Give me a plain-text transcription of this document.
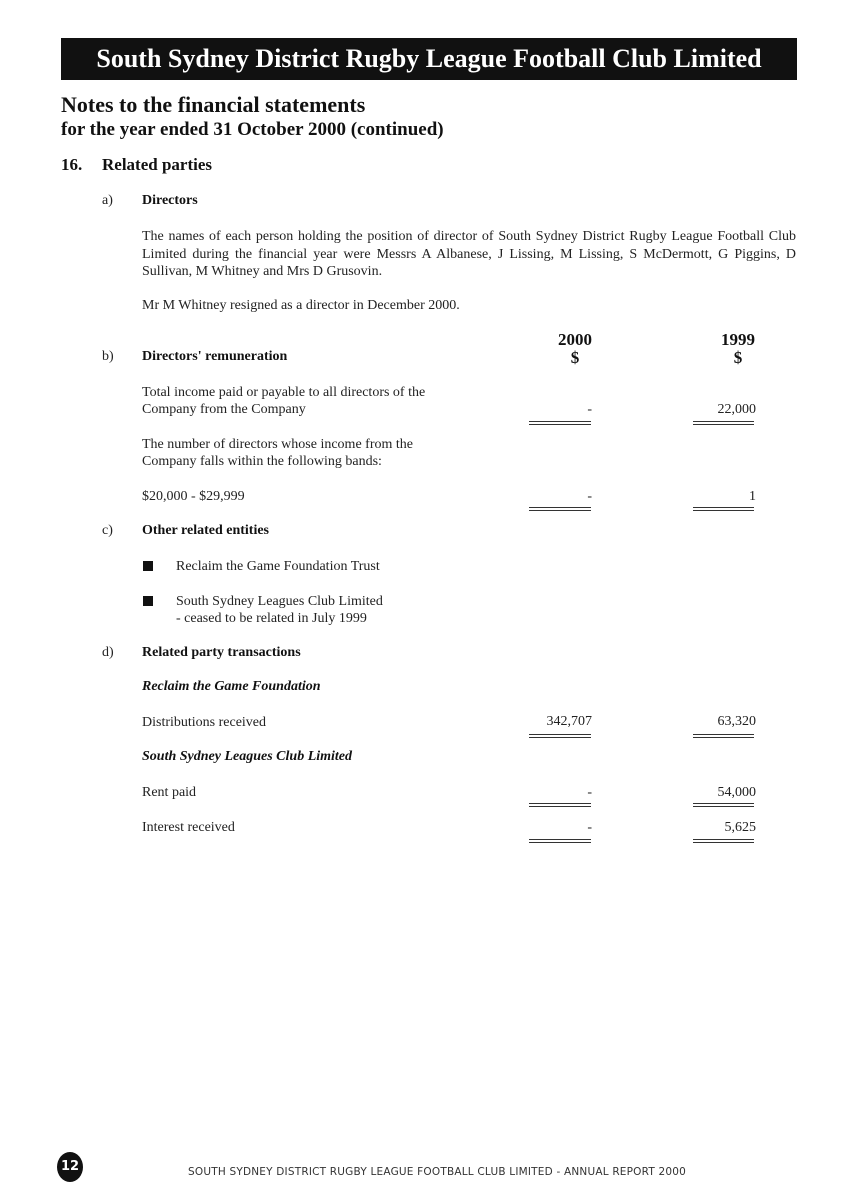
South Sydney District Rugby League Football Club Limited
Notes to the financial statements
for the year ended 31 October 2000 (continued)
16. Related parties
a) Directors
The names of each person holding the position of director of South Sydney District Rugby League Football Club Limited during the financial year were Messrs A Albanese, J Lissing, M Lissing, S McDermott, G Piggins, D Sullivan, M Whitney and Mrs D Grusovin.
Mr M Whitney resigned as a director in December 2000.
2000
$
1999
$
b) Directors' remuneration
Total income paid or payable to all directors of the
Company from the Company	-	22,000
The number of directors whose income from the
Company falls within the following bands:
$20,000 - $29,999	-	1
c) Other related entities
Reclaim the Game Foundation Trust
South Sydney Leagues Club Limited
- ceased to be related in July 1999
d) Related party transactions
Reclaim the Game Foundation
Distributions received	342,707	63,320
South Sydney Leagues Club Limited
Rent paid	-	54,000
Interest received	-	5,625
12	SOUTH SYDNEY DISTRICT RUGBY LEAGUE FOOTBALL CLUB LIMITED - ANNUAL REPORT 2000
